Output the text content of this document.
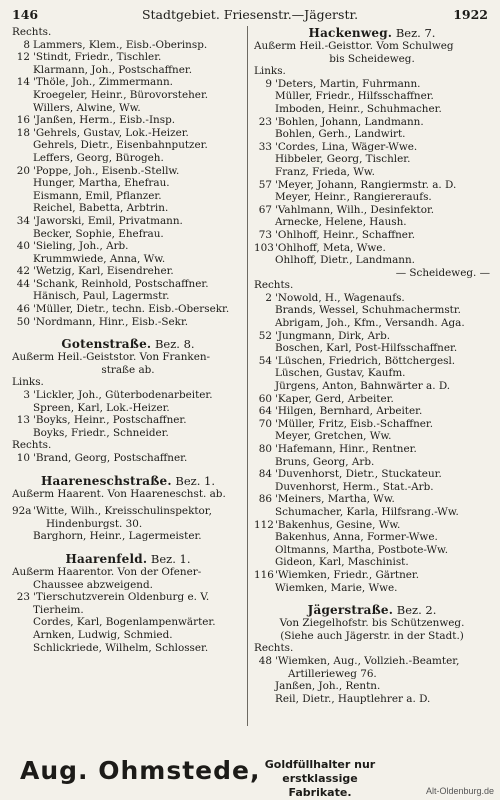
146	Stadtgebiet. Friesenstr.—Jägerstr.	1922
Rechts.
8 Lammers, Klem., Eisb.-Oberinsp.
12 'Stindt, Friedr., Tischler.
Klarmann, Joh., Postschaffner.
14 'Thöle, Joh., Zimmermann.
Kroegeler, Heinr., Bürovorsteher.
Willers, Alwine, Ww.
16 'Janßen, Herm., Eisb.-Insp.
18 'Gehrels, Gustav, Lok.-Heizer.
Gehrels, Dietr., Eisenbahnputzer.
Leffers, Georg, Bürogeh.
20 'Poppe, Joh., Eisenb.-Stellw.
Hunger, Martha, Ehefrau.
Eismann, Emil, Pflanzer.
Reichel, Babetta, Arbtrin.
34 'Jaworski, Emil, Privatmann.
Becker, Sophie, Ehefrau.
40 'Sieling, Joh., Arb.
Krummwiede, Anna, Ww.
42 'Wetzig, Karl, Eisendreher.
44 'Schank, Reinhold, Postschaffner.
Hänisch, Paul, Lagermstr.
46 'Müller, Dietr., techn. Eisb.-Obersekr.
50 'Nordmann, Hinr., Eisb.-Sekr.
Gotenstraße. Bez. 8.
Außerm Heil.-Geiststor. Von Franken-
straße ab.
Links.
3 'Lickler, Joh., Güterbodenarbeiter.
Spreen, Karl, Lok.-Heizer.
13 'Boyks, Heinr., Postschaffner.
Boyks, Friedr., Schneider.
Rechts.
10 'Brand, Georg, Postschaffner.
Haareneschstraße. Bez. 1.
Außerm Haarent. Von Haareneschst. ab.
92a 'Witte, Wilh., Kreisschulinspektor,
Hindenburgst. 30.
Barghorn, Heinr., Lagermeister.
Haarenfeld. Bez. 1.
Außerm Haarentor. Von der Ofener-
Chaussee abzweigend.
23 'Tierschutzverein Oldenburg e. V.
Tierheim.
Cordes, Karl, Bogenlampenwärter.
Arnken, Ludwig, Schmied.
Schlickriede, Wilhelm, Schlosser.
Hackenweg. Bez. 7.
Außerm Heil.-Geisttor. Vom Schulweg
bis Scheideweg.
Links.
9 'Deters, Martin, Fuhrmann.
Müller, Friedr., Hilfsschaffner.
Imboden, Heinr., Schuhmacher.
23 'Bohlen, Johann, Landmann.
Bohlen, Gerh., Landwirt.
33 'Cordes, Lina, Wäger-Wwe.
Hibbeler, Georg, Tischler.
Franz, Frieda, Ww.
57 'Meyer, Johann, Rangiermstr. a. D.
Meyer, Heinr., Rangiereraufs.
67 'Vahlmann, Wilh., Desinfektor.
Arnecke, Helene, Haush.
73 'Ohlhoff, Heinr., Schaffner.
103'Ohlhoff, Meta, Wwe.
Ohlhoff, Dietr., Landmann.
— Scheideweg. —
Rechts.
2 'Nowold, H., Wagenaufs.
Brands, Wessel, Schuhmachermstr.
Abrigam, Joh., Kfm., Versandh. Aga.
52 'Jungmann, Dirk, Arb.
Boschen, Karl, Post-Hilfsschaffner.
54 'Lüschen, Friedrich, Böttchergesl.
Lüschen, Gustav, Kaufm.
Jürgens, Anton, Bahnwärter a. D.
60 'Kaper, Gerd, Arbeiter.
64 'Hilgen, Bernhard, Arbeiter.
70 'Müller, Fritz, Eisb.-Schaffner.
Meyer, Gretchen, Ww.
80 'Hafemann, Hinr., Rentner.
Bruns, Georg, Arb.
84 'Duvenhorst, Dietr., Stuckateur.
Duvenhorst, Herm., Stat.-Arb.
86 'Meiners, Martha, Ww.
Schumacher, Karla, Hilfsrang.-Ww.
112'Bakenhus, Gesine, Ww.
Bakenhus, Anna, Former-Wwe.
Oltmanns, Martha, Postbote-Ww.
Gideon, Karl, Maschinist.
116'Wiemken, Friedr., Gärtner.
Wiemken, Marie, Wwe.
Jägerstraße. Bez. 2.
Von Ziegelhofstr. bis Schützenweg.
(Siehe auch Jägerstr. in der Stadt.)
Rechts.
48 'Wiemken, Aug., Vollzieh.-Beamter,
Artillerieweg 76.
Janßen, Joh., Rentn.
Reil, Dietr., Hauptlehrer a. D.
Aug. Ohmstede, Goldfüllhalter nur erstklassige
Fabrikate.	Alt-Oldenburg.de
